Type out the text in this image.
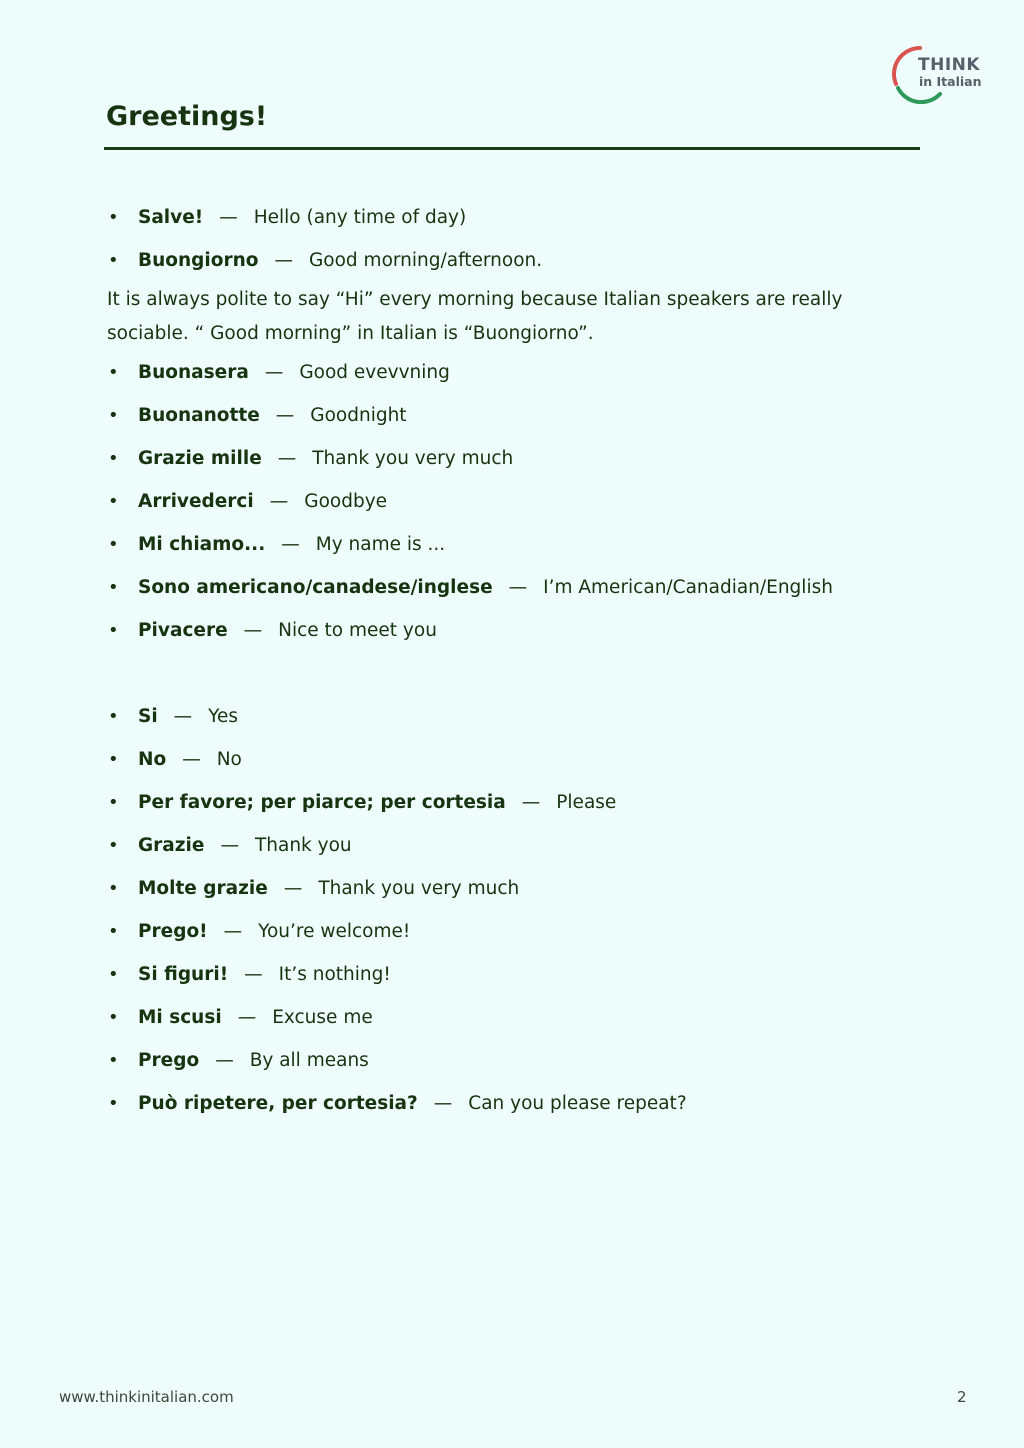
THINK
in Italian
Greetings!
• Salve! — Hello (any time of day)
• Buongiorno — Good morning/afternoon.

It is always polite to say “Hi” every morning because Italian speakers are really sociable. “ Good morning” in Italian is “Buongiorno”.

• Buonasera — Good evevvning
• Buonanotte — Goodnight
• Grazie mille — Thank you very much
• Arrivederci — Goodbye
• Mi chiamo... — My name is ...
• Sono americano/canadese/inglese — I’m American/Canadian/English
• Pivacere — Nice to meet you
• Si — Yes
• No — No
• Per favore; per piarce; per cortesia — Please
• Grazie — Thank you
• Molte grazie — Thank you very much
• Prego! — You’re welcome!
• Si figuri! — It’s nothing!
• Mi scusi — Excuse me
• Prego — By all means
• Può ripetere, per cortesia? — Can you please repeat?
www.thinkinitalian.com	2
